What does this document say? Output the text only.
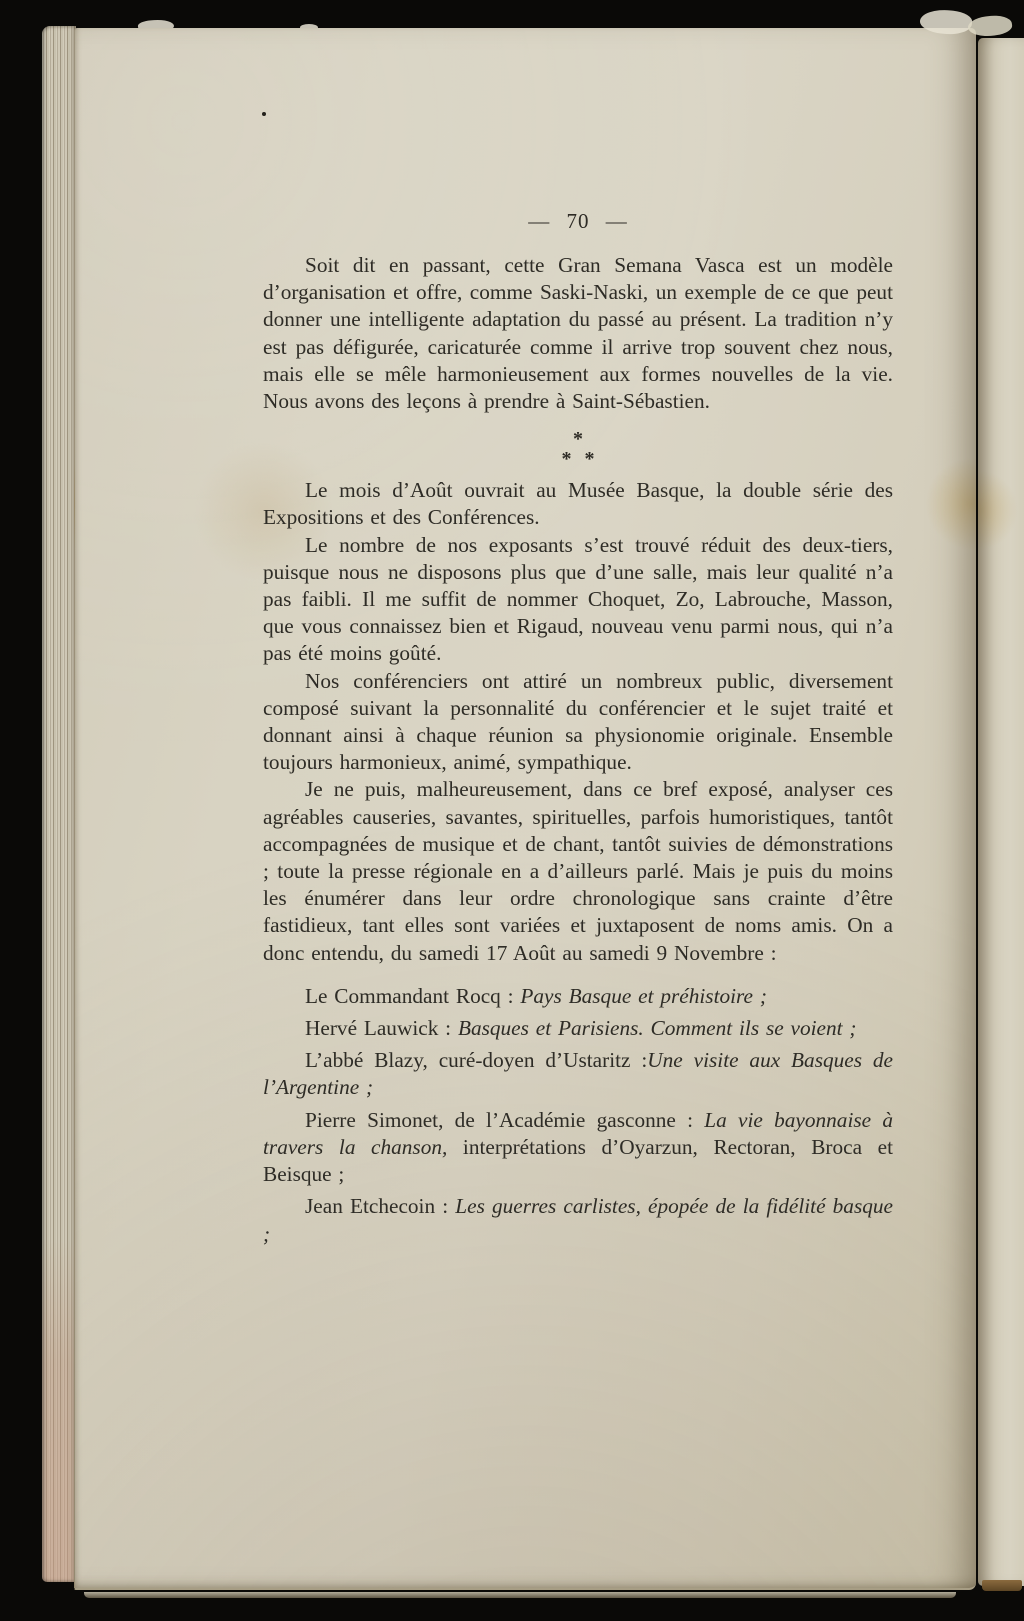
— 70 —

Soit dit en passant, cette Gran Semana Vasca est un modèle d’organisation et offre, comme Saski-Naski, un exemple de ce que peut donner une intelligente adaptation du passé au présent. La tradition n’y est pas défigurée, caricaturée comme il arrive trop souvent chez nous, mais elle se mêle harmonieusement aux formes nouvelles de la vie. Nous avons des leçons à prendre à Saint-Sébastien.

*
* *

Le mois d’Août ouvrait au Musée Basque, la double série des Expositions et des Conférences.

Le nombre de nos exposants s’est trouvé réduit des deux-tiers, puisque nous ne disposons plus que d’une salle, mais leur qualité n’a pas faibli. Il me suffit de nommer Choquet, Zo, Labrouche, Masson, que vous connaissez bien et Rigaud, nouveau venu parmi nous, qui n’a pas été moins goûté.

Nos conférenciers ont attiré un nombreux public, diversement composé suivant la personnalité du conférencier et le sujet traité et donnant ainsi à chaque réunion sa physionomie originale. Ensemble toujours harmonieux, animé, sympathique.

Je ne puis, malheureusement, dans ce bref exposé, analyser ces agréables causeries, savantes, spirituelles, parfois humoristiques, tantôt accompagnées de musique et de chant, tantôt suivies de démonstrations ; toute la presse régionale en a d’ailleurs parlé. Mais je puis du moins les énumérer dans leur ordre chronologique sans crainte d’être fastidieux, tant elles sont variées et juxtaposent de noms amis. On a donc entendu, du samedi 17 Août au samedi 9 Novembre :

Le Commandant Rocq : Pays Basque et préhistoire ;

Hervé Lauwick : Basques et Parisiens. Comment ils se voient ;

L’abbé Blazy, curé-doyen d’Ustaritz :Une visite aux Basques de l’Argentine ;

Pierre Simonet, de l’Académie gasconne : La vie bayonnaise à travers la chanson, interprétations d’Oyarzun, Rectoran, Broca et Beisque ;

Jean Etchecoin : Les guerres carlistes, épopée de la fidélité basque ;
